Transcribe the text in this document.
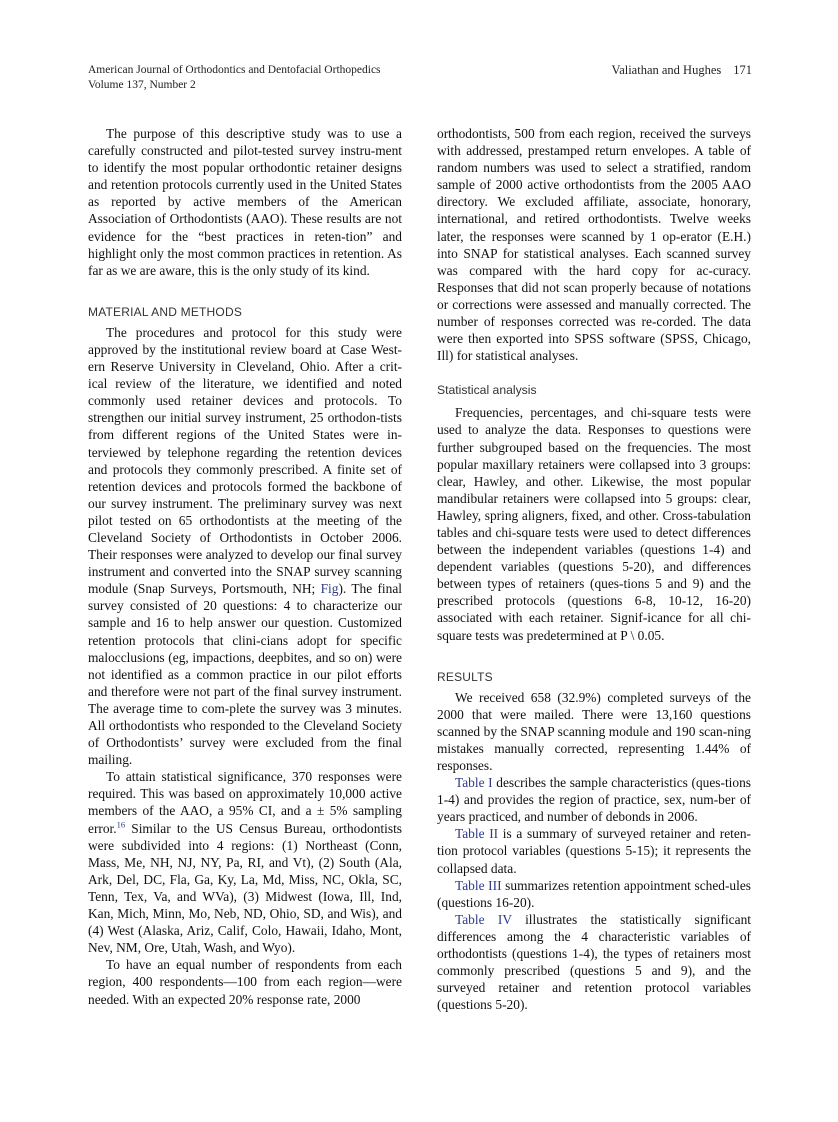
American Journal of Orthodontics and Dentofacial Orthopedics
Volume 137, Number 2
Valiathan and Hughes 171

The purpose of this descriptive study was to use a carefully constructed and pilot-tested survey instru-ment to identify the most popular orthodontic retainer designs and retention protocols currently used in the United States as reported by active members of the American Association of Orthodontists (AAO). These results are not evidence for the “best practices in reten-tion” and highlight only the most common practices in retention. As far as we are aware, this is the only study of its kind.

MATERIAL AND METHODS

The procedures and protocol for this study were approved by the institutional review board at Case West-ern Reserve University in Cleveland, Ohio. After a crit-ical review of the literature, we identified and noted commonly used retainer devices and protocols. To strengthen our initial survey instrument, 25 orthodon-tists from different regions of the United States were in-terviewed by telephone regarding the retention devices and protocols they commonly prescribed. A finite set of retention devices and protocols formed the backbone of our survey instrument. The preliminary survey was next pilot tested on 65 orthodontists at the meeting of the Cleveland Society of Orthodontists in October 2006. Their responses were analyzed to develop our final survey instrument and converted into the SNAP survey scanning module (Snap Surveys, Portsmouth, NH; Fig). The final survey consisted of 20 questions: 4 to characterize our sample and 16 to help answer our question. Customized retention protocols that clini-cians adopt for specific malocclusions (eg, impactions, deepbites, and so on) were not identified as a common practice in our pilot efforts and therefore were not part of the final survey instrument. The average time to com-plete the survey was 3 minutes. All orthodontists who responded to the Cleveland Society of Orthodontists’ survey were excluded from the final mailing.

To attain statistical significance, 370 responses were required. This was based on approximately 10,000 active members of the AAO, a 95% CI, and a ± 5% sampling error.$^{16}$ Similar to the US Census Bureau, orthodontists were subdivided into 4 regions: (1) Northeast (Conn, Mass, Me, NH, NJ, NY, Pa, RI, and Vt), (2) South (Ala, Ark, Del, DC, Fla, Ga, Ky, La, Md, Miss, NC, Okla, SC, Tenn, Tex, Va, and WVa), (3) Midwest (Iowa, Ill, Ind, Kan, Mich, Minn, Mo, Neb, ND, Ohio, SD, and Wis), and (4) West (Alaska, Ariz, Calif, Colo, Hawaii, Idaho, Mont, Nev, NM, Ore, Utah, Wash, and Wyo).

To have an equal number of respondents from each region, 400 respondents—100 from each region—were needed. With an expected 20% response rate, 2000

orthodontists, 500 from each region, received the surveys with addressed, prestamped return envelopes. A table of random numbers was used to select a stratified, random sample of 2000 active orthodontists from the 2005 AAO directory. We excluded affiliate, associate, honorary, international, and retired orthodontists. Twelve weeks later, the responses were scanned by 1 op-erator (E.H.) into SNAP for statistical analyses. Each scanned survey was compared with the hard copy for ac-curacy. Responses that did not scan properly because of notations or corrections were assessed and manually corrected. The number of responses corrected was re-corded. The data were then exported into SPSS software (SPSS, Chicago, Ill) for statistical analyses.

Statistical analysis

Frequencies, percentages, and chi-square tests were used to analyze the data. Responses to questions were further subgrouped based on the frequencies. The most popular maxillary retainers were collapsed into 3 groups: clear, Hawley, and other. Likewise, the most popular mandibular retainers were collapsed into 5 groups: clear, Hawley, spring aligners, fixed, and other. Cross-tabulation tables and chi-square tests were used to detect differences between the independent variables (questions 1-4) and dependent variables (questions 5-20), and differences between types of retainers (ques-tions 5 and 9) and the prescribed protocols (questions 6-8, 10-12, 16-20) associated with each retainer. Signif-icance for all chi-square tests was predetermined at P \ 0.05.

RESULTS

We received 658 (32.9%) completed surveys of the 2000 that were mailed. There were 13,160 questions scanned by the SNAP scanning module and 190 scan-ning mistakes manually corrected, representing 1.44% of responses.

Table I describes the sample characteristics (ques-tions 1-4) and provides the region of practice, sex, num-ber of years practiced, and number of debonds in 2006.

Table II is a summary of surveyed retainer and reten-tion protocol variables (questions 5-15); it represents the collapsed data.

Table III summarizes retention appointment sched-ules (questions 16-20).

Table IV illustrates the statistically significant differences among the 4 characteristic variables of orthodontists (questions 1-4), the types of retainers most commonly prescribed (questions 5 and 9), and the surveyed retainer and retention protocol variables (questions 5-20).
